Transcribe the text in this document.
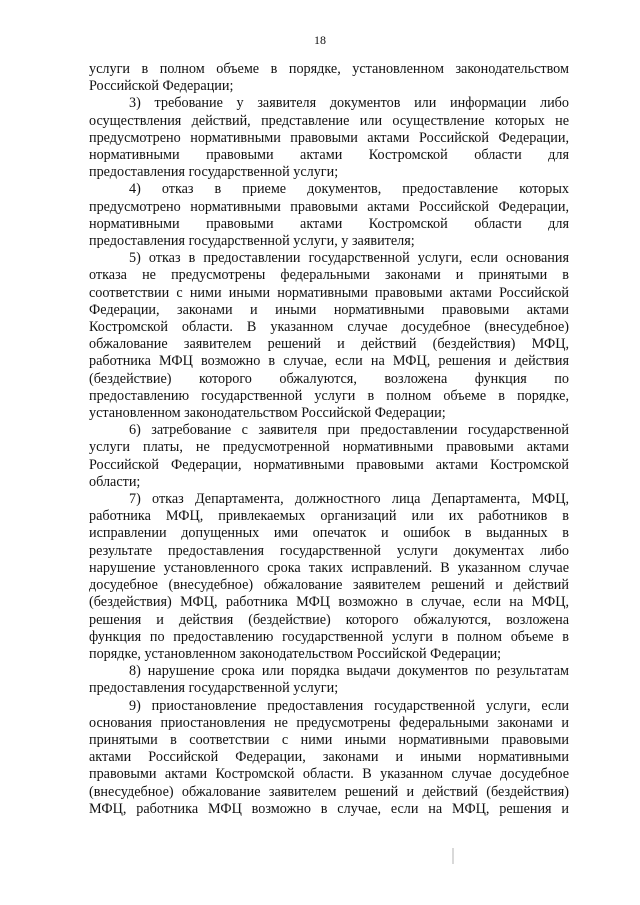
18
услуги в полном объеме в порядке, установленном законодательством
Российской Федерации;
3) требование у заявителя документов или информации либо
осуществления действий, представление или осуществление которых не
предусмотрено нормативными правовыми актами Российской Федерации,
нормативными правовыми актами Костромской области для
предоставления государственной услуги;
4) отказ в приеме документов, предоставление которых
предусмотрено нормативными правовыми актами Российской Федерации,
нормативными правовыми актами Костромской области для
предоставления государственной услуги, у заявителя;
5) отказ в предоставлении государственной услуги, если основания
отказа не предусмотрены федеральными законами и принятыми в
соответствии с ними иными нормативными правовыми актами Российской
Федерации, законами и иными нормативными правовыми актами
Костромской области. В указанном случае досудебное (внесудебное)
обжалование заявителем решений и действий (бездействия) МФЦ,
работника МФЦ возможно в случае, если на МФЦ, решения и действия
(бездействие) которого обжалуются, возложена функция по
предоставлению государственной услуги в полном объеме в порядке,
установленном законодательством Российской Федерации;
6) затребование с заявителя при предоставлении государственной
услуги платы, не предусмотренной нормативными правовыми актами
Российской Федерации, нормативными правовыми актами Костромской
области;
7) отказ Департамента, должностного лица Департамента, МФЦ,
работника МФЦ, привлекаемых организаций или их работников в
исправлении допущенных ими опечаток и ошибок в выданных в
результате предоставления государственной услуги документах либо
нарушение установленного срока таких исправлений. В указанном случае
досудебное (внесудебное) обжалование заявителем решений и действий
(бездействия) МФЦ, работника МФЦ возможно в случае, если на МФЦ,
решения и действия (бездействие) которого обжалуются, возложена
функция по предоставлению государственной услуги в полном объеме в
порядке, установленном законодательством Российской Федерации;
8) нарушение срока или порядка выдачи документов по результатам
предоставления государственной услуги;
9) приостановление предоставления государственной услуги, если
основания приостановления не предусмотрены федеральными законами и
принятыми в соответствии с ними иными нормативными правовыми
актами Российской Федерации, законами и иными нормативными
правовыми актами Костромской области. В указанном случае досудебное
(внесудебное) обжалование заявителем решений и действий (бездействия)
МФЦ, работника МФЦ возможно в случае, если на МФЦ, решения и
